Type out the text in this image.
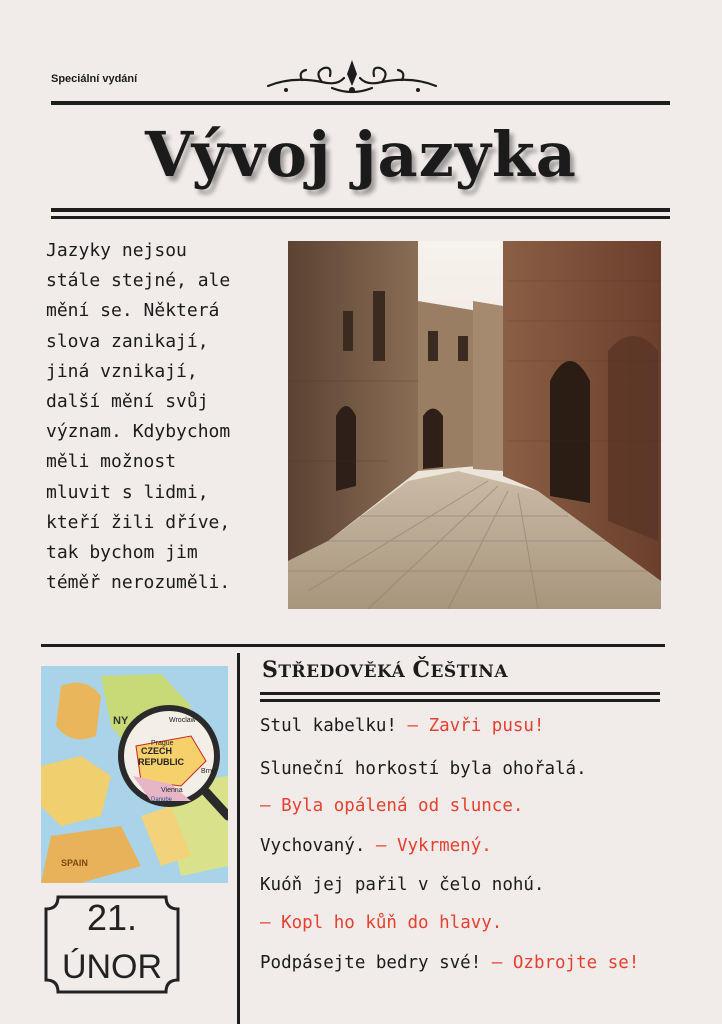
Speciální vydání
Vývoj jazyka
Jazyky nejsou
stále stejné, ale
mění se. Některá
slova zanikají,
jiná vznikají,
další mění svůj
význam. Kdybychom
měli možnost
mluvit s lidmi,
kteří žili dříve,
tak bychom jim
téměř nerozuměli.
NY
SPAIN
CZECH
REPUBLIC
Prague
Wroclaw
Brno
Vienna
Danube
21.
ÚNOR
STŘEDOVĚKÁ ČEŠTINA
Stul kabelku! – Zavři pusu!
Sluneční horkostí byla ohořalá.
– Byla opálená od slunce.
Vychovaný. – Vykrmený.
Kuóň jej pařil v čelo nohú.
– Kopl ho kůň do hlavy.
Podpásejte bedry své! – Ozbrojte se!
